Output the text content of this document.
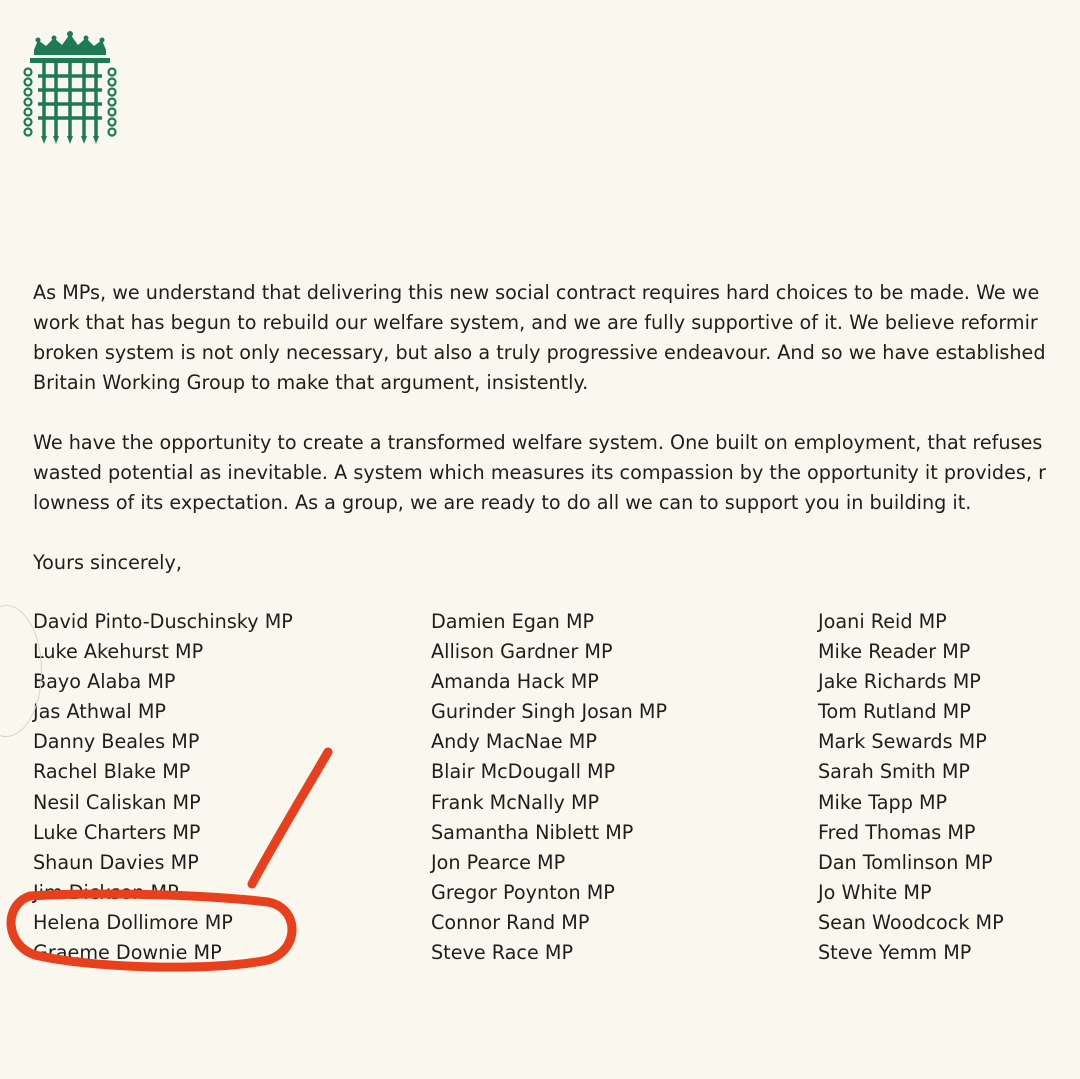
As MPs, we understand that delivering this new social contract requires hard choices to be made. We we
work that has begun to rebuild our welfare system, and we are fully supportive of it. We believe reformir
broken system is not only necessary, but also a truly progressive endeavour. And so we have established
Britain Working Group to make that argument, insistently.
We have the opportunity to create a transformed welfare system. One built on employment, that refuses
wasted potential as inevitable. A system which measures its compassion by the opportunity it provides, r
lowness of its expectation. As a group, we are ready to do all we can to support you in building it.

Yours sincerely,

David Pinto-Duschinsky MP
Luke Akehurst MP
Bayo Alaba MP
Jas Athwal MP
Danny Beales MP
Rachel Blake MP
Nesil Caliskan MP
Luke Charters MP
Shaun Davies MP
Jim Dickson MP
Helena Dollimore MP
Graeme Downie MP
Damien Egan MP
Allison Gardner MP
Amanda Hack MP
Gurinder Singh Josan MP
Andy MacNae MP
Blair McDougall MP
Frank McNally MP
Samantha Niblett MP
Jon Pearce MP
Gregor Poynton MP
Connor Rand MP
Steve Race MP
Joani Reid MP
Mike Reader MP
Jake Richards MP
Tom Rutland MP
Mark Sewards MP
Sarah Smith MP
Mike Tapp MP
Fred Thomas MP
Dan Tomlinson MP
Jo White MP
Sean Woodcock MP
Steve Yemm MP
